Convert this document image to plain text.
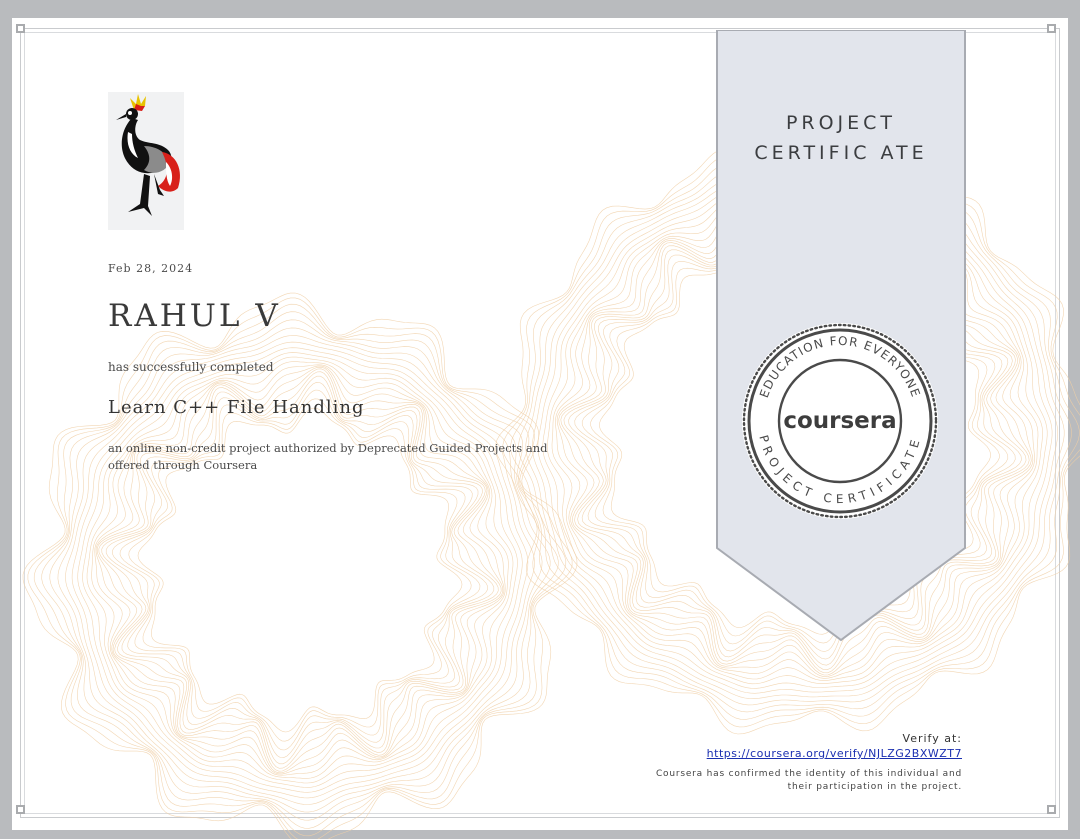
PROJECT
CERTIFIC ATE
EDUCATION FOR EVERYONE
PROJECT CERTIFICATE
coursera
Feb 28, 2024
RAHUL V
has successfully completed
Learn C++ File Handling
an online non-credit project authorized by Deprecated Guided Projects and offered through Coursera
Verify at:
https://coursera.org/verify/NJLZG2BXWZT7
Coursera has confirmed the identity of this individual and their participation in the project.
